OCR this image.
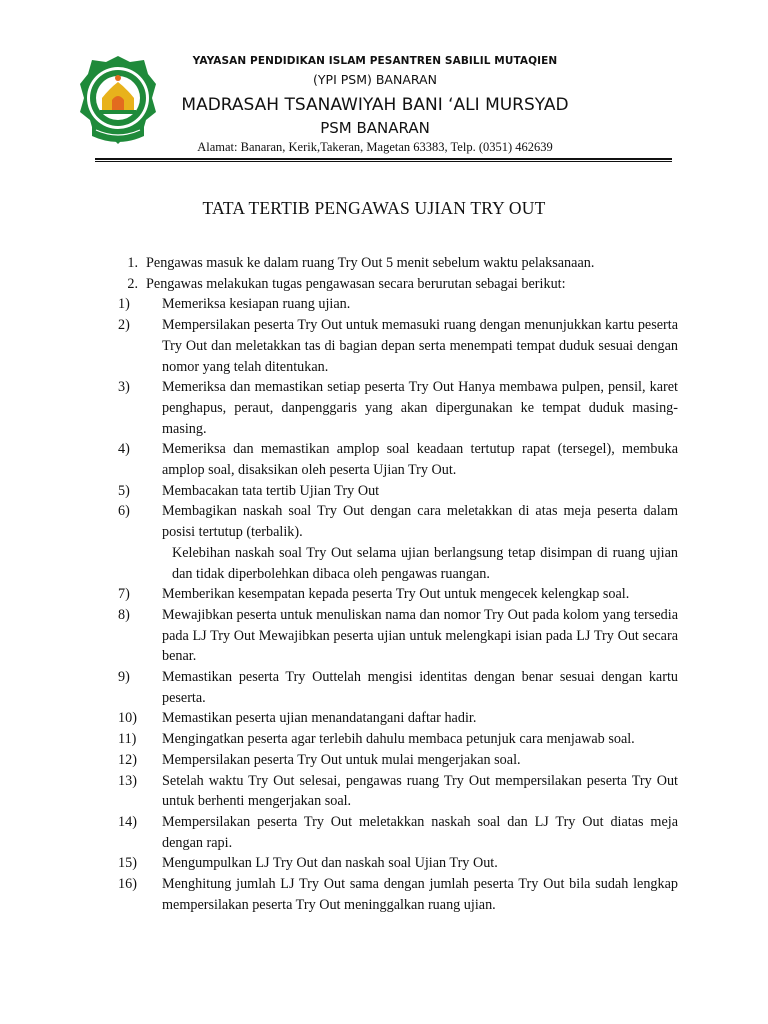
YAYASAN PENDIDIKAN ISLAM PESANTREN SABILIL MUTAQIEN
(YPI PSM) BANARAN
MADRASAH TSANAWIYAH BANI ‘ALI MURSYAD
PSM BANARAN
Alamat: Banaran, Kerik,Takeran, Magetan 63383, Telp. (0351) 462639
TATA TERTIB PENGAWAS UJIAN TRY OUT
1. Pengawas masuk ke dalam ruang Try Out 5 menit sebelum waktu pelaksanaan.
2. Pengawas melakukan tugas pengawasan secara berurutan sebagai berikut:
1)	Memeriksa kesiapan ruang ujian.
2)	Mempersilakan peserta Try Out untuk memasuki ruang dengan menunjukkan kartu peserta Try Out dan meletakkan tas di bagian depan serta menempati tempat duduk sesuai dengan nomor yang telah ditentukan.
3)	Memeriksa dan memastikan setiap peserta Try Out Hanya membawa pulpen, pensil, karet penghapus, peraut, danpenggaris yang akan dipergunakan ke tempat duduk masing-masing.
4)	Memeriksa dan memastikan amplop soal keadaan tertutup rapat (tersegel), membuka amplop soal, disaksikan oleh peserta Ujian Try Out.
5)	Membacakan tata tertib Ujian Try Out
6)	Membagikan naskah soal Try Out dengan cara meletakkan di atas meja peserta dalam posisi tertutup (terbalik).
Kelebihan naskah soal Try Out selama ujian berlangsung tetap disimpan di ruang ujian dan tidak diperbolehkan dibaca oleh pengawas ruangan.
7)	Memberikan kesempatan kepada peserta Try Out untuk mengecek kelengkap soal.
8)	Mewajibkan peserta untuk menuliskan nama dan nomor Try Out pada kolom yang tersedia pada LJ Try Out Mewajibkan peserta ujian untuk melengkapi isian pada LJ Try Out secara benar.
9)	Memastikan peserta Try Outtelah mengisi identitas dengan benar sesuai dengan kartu peserta.
10)	Memastikan peserta ujian menandatangani daftar hadir.
11)	Mengingatkan peserta agar terlebih dahulu membaca petunjuk cara menjawab soal.
12)	Mempersilakan peserta Try Out untuk mulai mengerjakan soal.
13)	Setelah waktu Try Out selesai, pengawas ruang Try Out mempersilakan peserta Try Out untuk berhenti mengerjakan soal.
14)	Mempersilakan peserta Try Out meletakkan naskah soal dan LJ Try Out diatas meja dengan rapi.
15)	Mengumpulkan LJ Try Out dan naskah soal Ujian Try Out.
16)	Menghitung jumlah LJ Try Out sama dengan jumlah peserta Try Out bila sudah lengkap mempersilakan peserta Try Out meninggalkan ruang ujian.
